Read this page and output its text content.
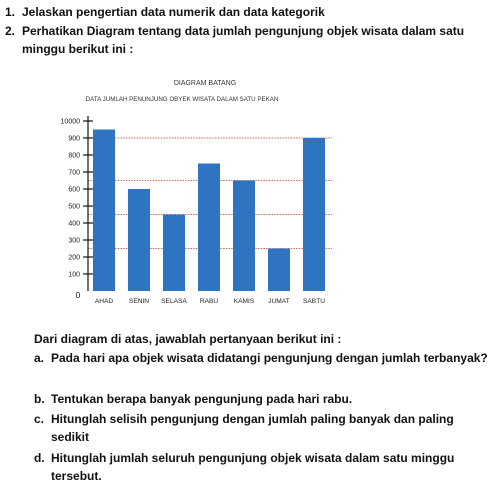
1. Jelaskan pengertian data numerik dan data kategorik
2. Perhatikan Diagram tentang data jumlah pengunjung objek wisata dalam satu minggu berikut ini :
DIAGRAM BATANG
DATA JUMLAH PENUNJUNG OBYEK WISATA DALAM SATU PEKAN
100
200
300
400
500
600
700
800
900
10000
0
AHAD SENIN SELASA RABU KAMIS JUMAT SABTU
Dari diagram di atas, jawablah pertanyaan berikut ini :
a. Pada hari apa objek wisata didatangi pengunjung dengan jumlah terbanyak?
b. Tentukan berapa banyak pengunjung pada hari rabu.
c. Hitunglah selisih pengunjung dengan jumlah paling banyak dan paling sedikit
d. Hitunglah jumlah seluruh pengunjung objek wisata dalam satu minggu tersebut.
